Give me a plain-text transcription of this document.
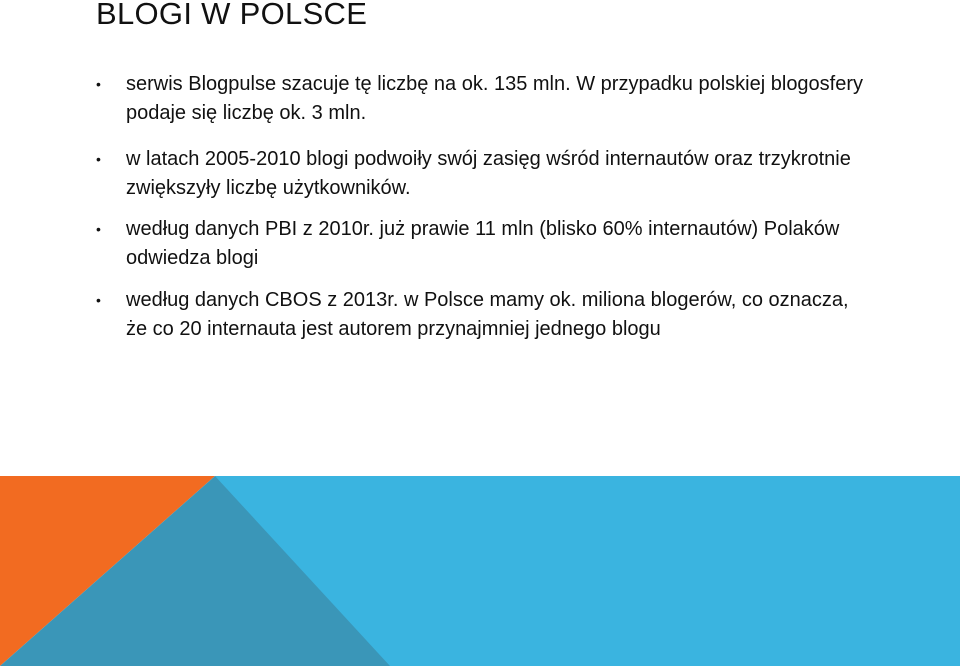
BLOGI W POLSCE
•	serwis Blogpulse szacuje tę liczbę na ok. 135 mln. W przypadku polskiej blogosfery podaje się liczbę ok. 3 mln.
•	w latach 2005-2010 blogi podwoiły swój zasięg wśród internautów oraz trzykrotnie zwiększyły liczbę użytkowników.
•	według danych PBI z 2010r. już prawie 11 mln (blisko 60% internautów) Polaków odwiedza blogi
•	według danych CBOS z 2013r. w Polsce mamy ok. miliona blogerów, co oznacza, że co 20 internauta jest autorem przynajmniej jednego blogu
